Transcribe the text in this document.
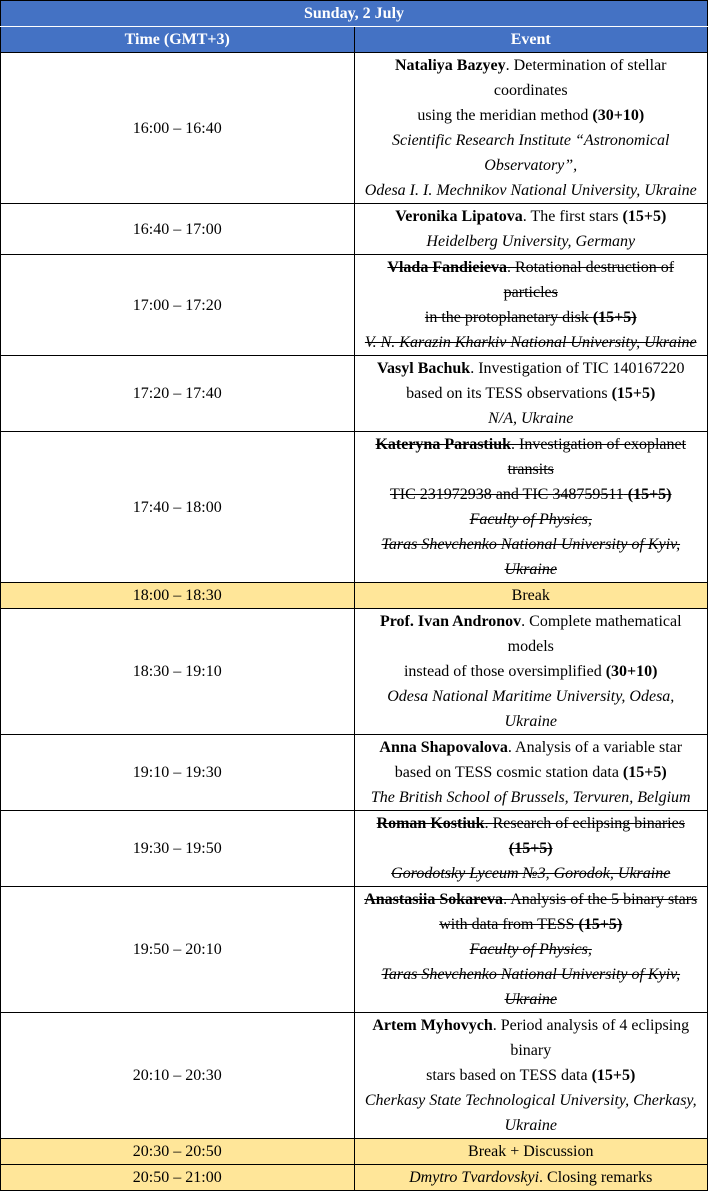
Sunday, 2 July	
Time (GMT+3)	Event
16:00 – 16:40	Nataliya Bazyey. Determination of stellar coordinates
using the meridian method (30+10)
Scientific Research Institute “Astronomical Observatory”,
Odesa I. I. Mechnikov National University, Ukraine

16:40 – 17:00	Veronika Lipatova. The first stars (15+5)
Heidelberg University, Germany

17:00 – 17:20	Vlada Fandieieva. Rotational destruction of particles
in the protoplanetary disk (15+5)
V. N. Karazin Kharkiv National University, Ukraine

17:20 – 17:40	Vasyl Bachuk. Investigation of TIC 140167220
based on its TESS observations (15+5)
N/A, Ukraine

17:40 – 18:00	Kateryna Parastiuk. Investigation of exoplanet transits
TIC 231972938 and TIC 348759511 (15+5)
Faculty of Physics,
Taras Shevchenko National University of Kyiv, Ukraine

18:00 – 18:30	Break
18:30 – 19:10	Prof. Ivan Andronov. Complete mathematical models
instead of those oversimplified (30+10)
Odesa National Maritime University, Odesa, Ukraine

19:10 – 19:30	Anna Shapovalova. Analysis of a variable star
based on TESS cosmic station data (15+5)
The British School of Brussels, Tervuren, Belgium

19:30 – 19:50	Roman Kostiuk. Research of eclipsing binaries (15+5)
Gorodotsky Lyceum №3, Gorodok, Ukraine

19:50 – 20:10	Anastasiia Sokareva. Analysis of the 5 binary stars
with data from TESS (15+5)
Faculty of Physics,
Taras Shevchenko National University of Kyiv, Ukraine

20:10 – 20:30	Artem Myhovych. Period analysis of 4 eclipsing binary
stars based on TESS data (15+5)
Cherkasy State Technological University, Cherkasy,
Ukraine

20:30 – 20:50	Break + Discussion
20:50 – 21:00	Dmytro Tvardovskyi. Closing remarks
